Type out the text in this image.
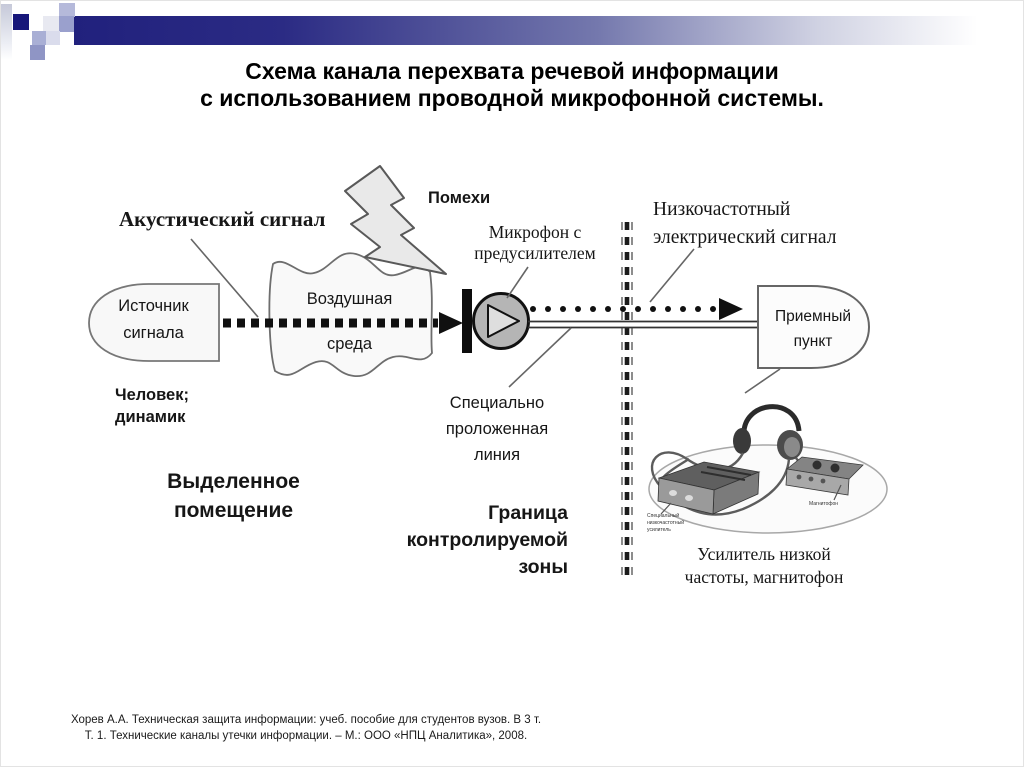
Схема канала перехвата речевой информации
с использованием проводной микрофонной системы.
Акустический сигнал
Помехи
Микрофон с
предусилителем
Низкочастотный
электрический сигнал
Источник
сигнала
Воздушная
среда
Человек;
динамик
Выделенное
помещение
Специально
проложенная
линия
Граница
контролируемой
зоны
Приемный
пункт
Усилитель низкой
частоты, магнитофон
Специальный
низкочастотный
усилитель
Магнитофон
Хорев А.А. Техническая защита информации: учеб. пособие для студентов вузов. В 3 т.
Т. 1. Технические каналы утечки информации. – М.: ООО «НПЦ Аналитика», 2008.
